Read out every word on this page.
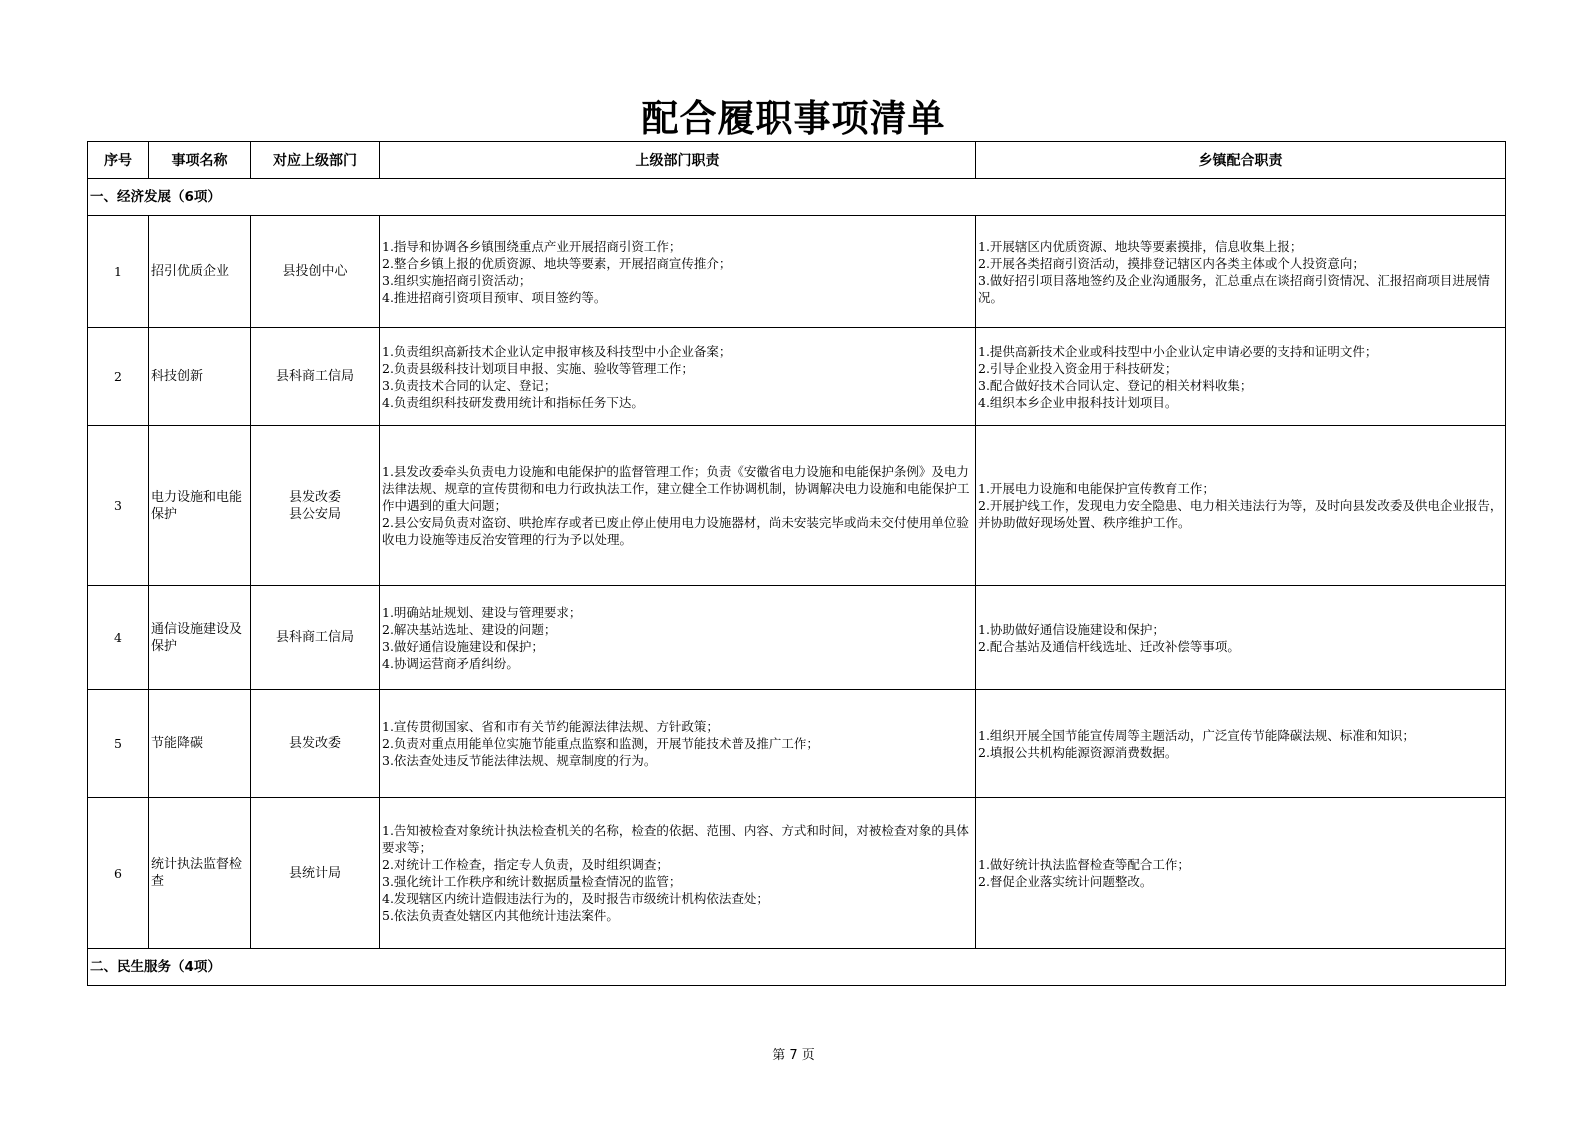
配合履职事项清单
序号	事项名称	对应上级部门	上级部门职责	乡镇配合职责
一、经济发展（6项）				
1	招引优质企业	县投创中心	1.指导和协调各乡镇围绕重点产业开展招商引资工作；
2.整合乡镇上报的优质资源、地块等要素，开展招商宣传推介；
3.组织实施招商引资活动；
4.推进招商引资项目预审、项目签约等。	1.开展辖区内优质资源、地块等要素摸排，信息收集上报；
2.开展各类招商引资活动，摸排登记辖区内各类主体或个人投资意向；
3.做好招引项目落地签约及企业沟通服务，汇总重点在谈招商引资情况、汇报招商项目进展情况。

2	科技创新	县科商工信局	1.负责组织高新技术企业认定申报审核及科技型中小企业备案；
2.负责县级科技计划项目申报、实施、验收等管理工作；
3.负责技术合同的认定、登记；
4.负责组织科技研发费用统计和指标任务下达。	1.提供高新技术企业或科技型中小企业认定申请必要的支持和证明文件；
2.引导企业投入资金用于科技研发；
3.配合做好技术合同认定、登记的相关材料收集；
4.组织本乡企业申报科技计划项目。

3	电力设施和电能保护	县发改委
县公安局	1.县发改委牵头负责电力设施和电能保护的监督管理工作；负责《安徽省电力设施和电能保护条例》及电力法律法规、规章的宣传贯彻和电力行政执法工作，建立健全工作协调机制，协调解决电力设施和电能保护工作中遇到的重大问题；
2.县公安局负责对盗窃、哄抢库存或者已废止停止使用电力设施器材，尚未安装完毕或尚未交付使用单位验收电力设施等违反治安管理的行为予以处理。	1.开展电力设施和电能保护宣传教育工作；
2.开展护线工作，发现电力安全隐患、电力相关违法行为等，及时向县发改委及供电企业报告，并协助做好现场处置、秩序维护工作。

4	通信设施建设及保护	县科商工信局	1.明确站址规划、建设与管理要求；
2.解决基站选址、建设的问题；
3.做好通信设施建设和保护；
4.协调运营商矛盾纠纷。	1.协助做好通信设施建设和保护；
2.配合基站及通信杆线选址、迁改补偿等事项。

5	节能降碳	县发改委	1.宣传贯彻国家、省和市有关节约能源法律法规、方针政策；
2.负责对重点用能单位实施节能重点监察和监测，开展节能技术普及推广工作；
3.依法查处违反节能法律法规、规章制度的行为。	1.组织开展全国节能宣传周等主题活动，广泛宣传节能降碳法规、标准和知识；
2.填报公共机构能源资源消费数据。

6	统计执法监督检查	县统计局	1.告知被检查对象统计执法检查机关的名称，检查的依据、范围、内容、方式和时间，对被检查对象的具体要求等；
2.对统计工作检查，指定专人负责，及时组织调查；
3.强化统计工作秩序和统计数据质量检查情况的监管；
4.发现辖区内统计造假违法行为的，及时报告市级统计机构依法查处；
5.依法负责查处辖区内其他统计违法案件。	1.做好统计执法监督检查等配合工作；
2.督促企业落实统计问题整改。

二、民生服务（4项）				
第 7 页
